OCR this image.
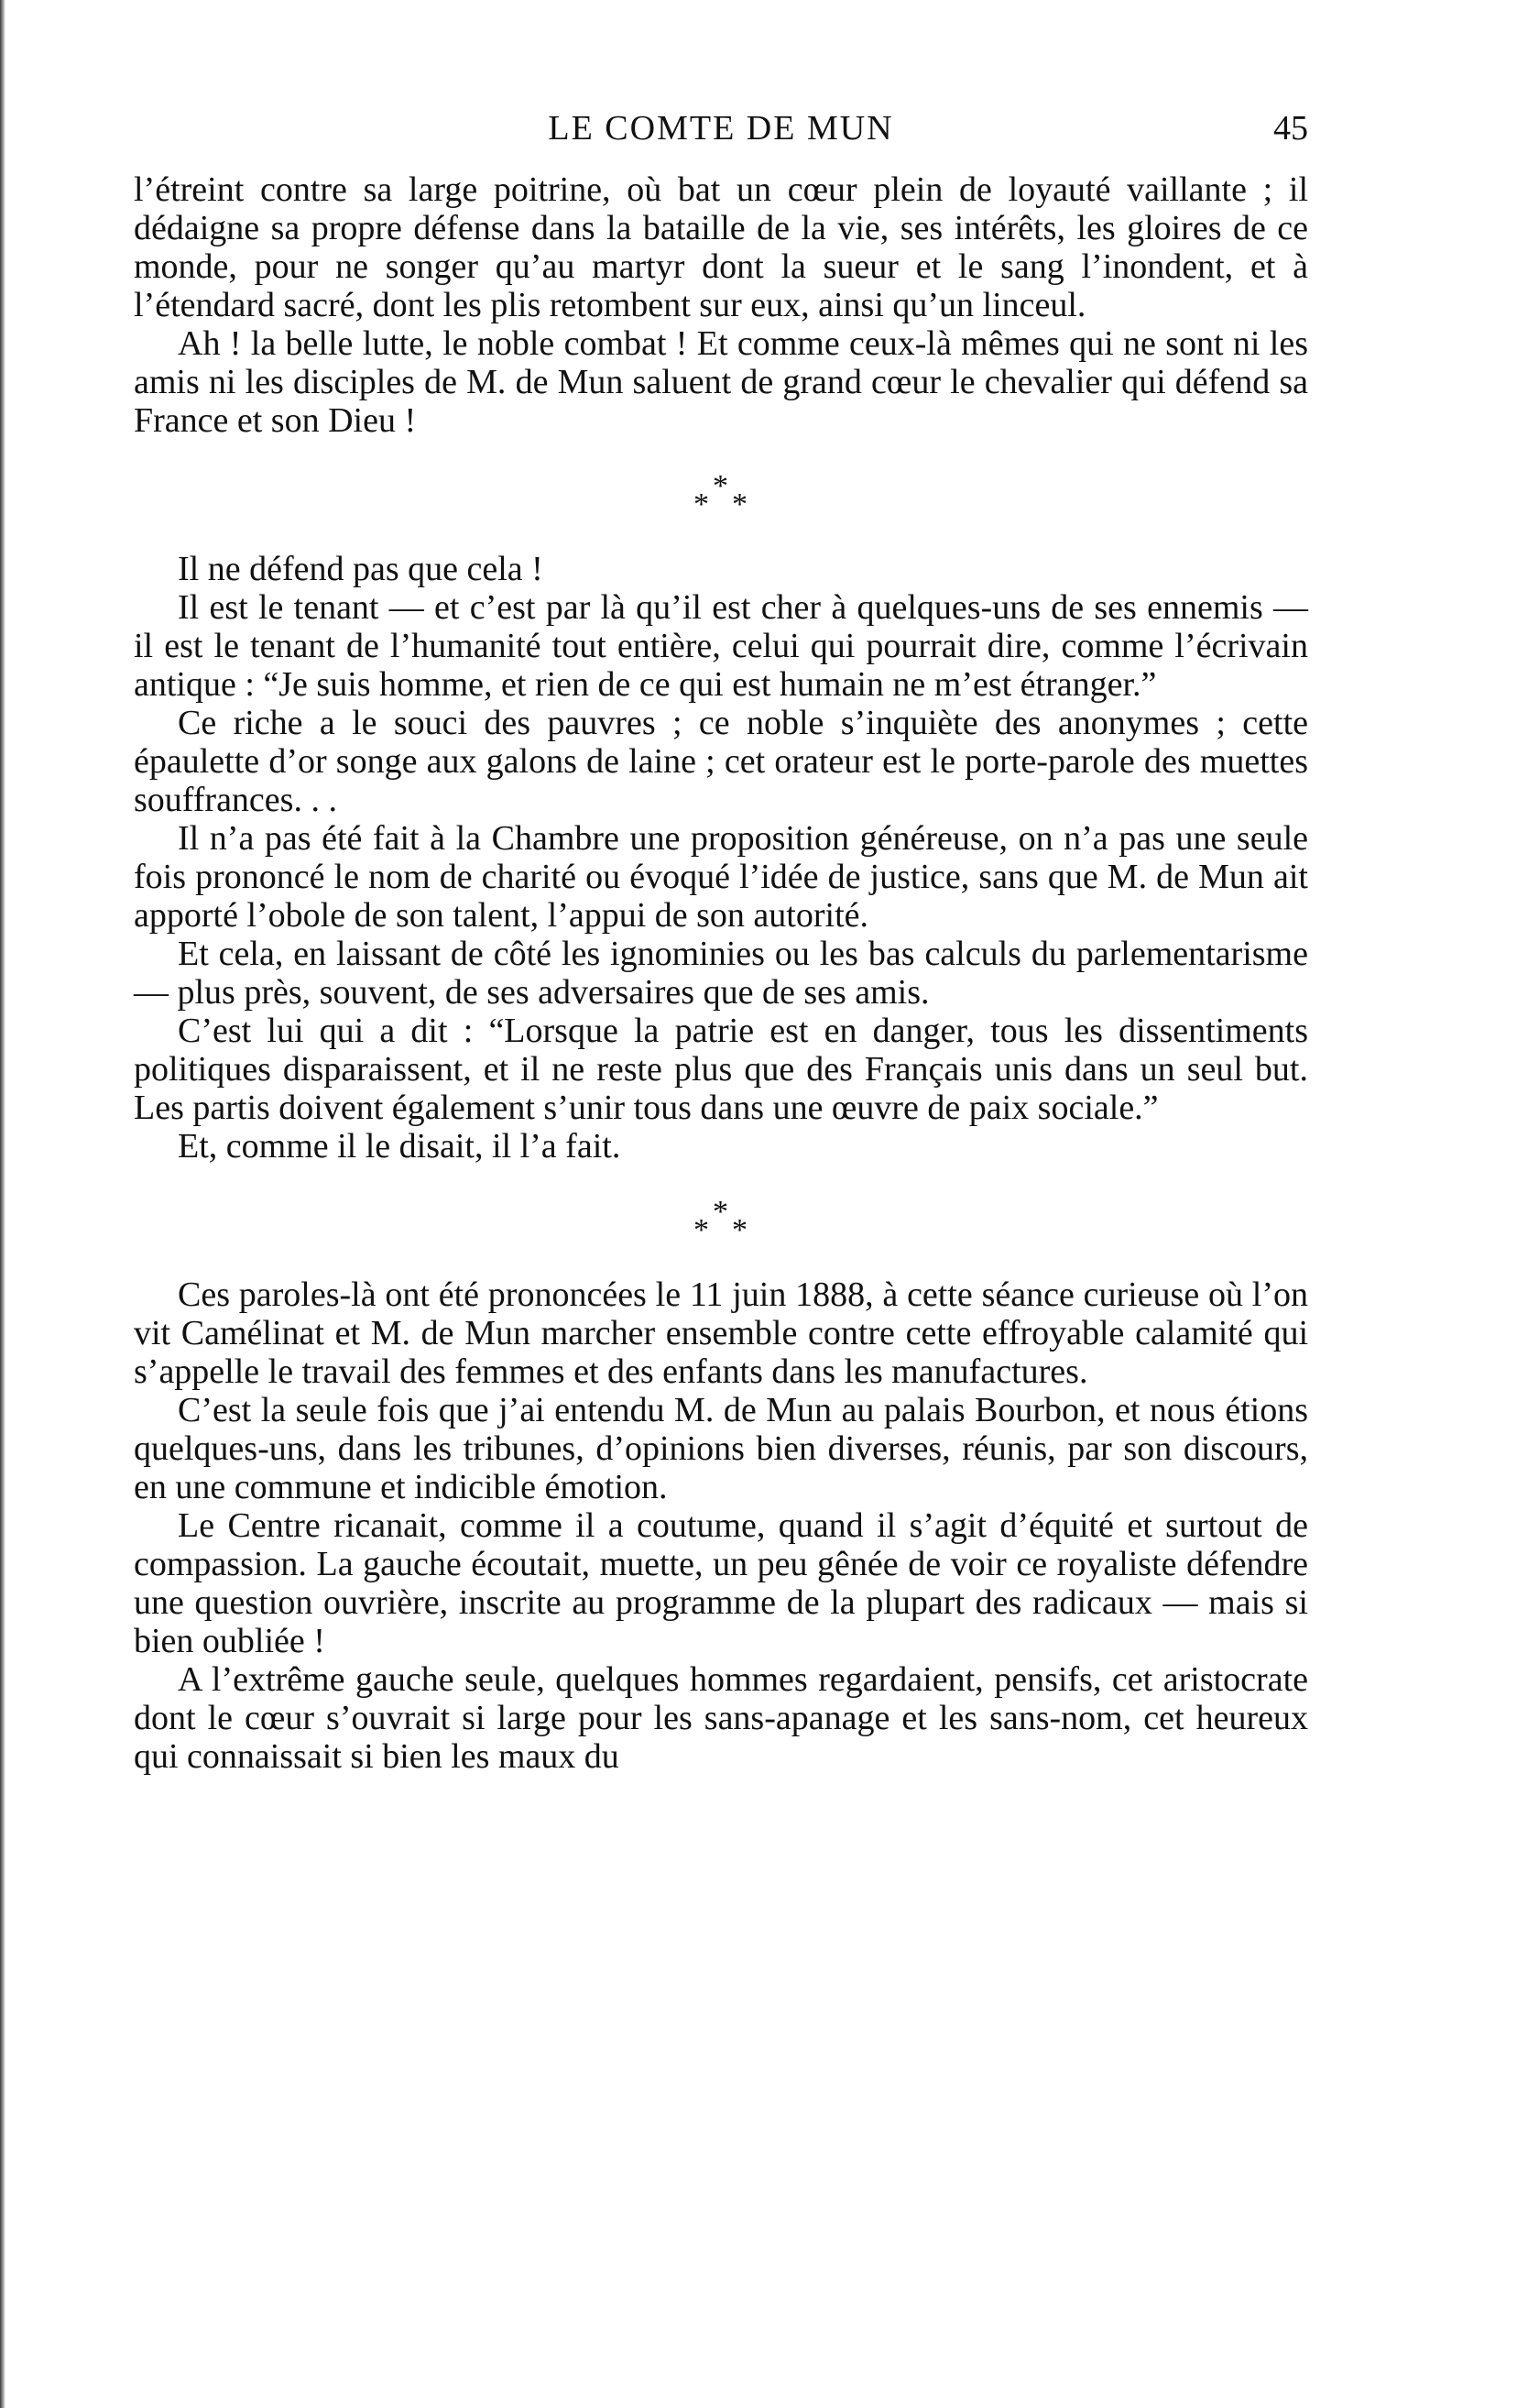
LE COMTE DE MUN	45

l’étreint contre sa large poitrine, où bat un cœur plein de loyauté vaillante ; il dédaigne sa propre défense dans la bataille de la vie, ses intérêts, les gloires de ce monde, pour ne songer qu’au martyr dont la sueur et le sang l’inondent, et à l’étendard sacré, dont les plis retombent sur eux, ainsi qu’un linceul.

Ah ! la belle lutte, le noble combat ! Et comme ceux-là mêmes qui ne sont ni les amis ni les disciples de M. de Mun saluent de grand cœur le chevalier qui défend sa France et son Dieu !

*
* *

Il ne défend pas que cela !

Il est le tenant — et c’est par là qu’il est cher à quelques-uns de ses ennemis — il est le tenant de l’humanité tout entière, celui qui pourrait dire, comme l’écrivain antique : “Je suis homme, et rien de ce qui est humain ne m’est étranger.”

Ce riche a le souci des pauvres ; ce noble s’inquiète des anonymes ; cette épaulette d’or songe aux galons de laine ; cet orateur est le porte-parole des muettes souffrances. . .

Il n’a pas été fait à la Chambre une proposition généreuse, on n’a pas une seule fois prononcé le nom de charité ou évoqué l’idée de justice, sans que M. de Mun ait apporté l’obole de son talent, l’appui de son autorité.

Et cela, en laissant de côté les ignominies ou les bas calculs du parlementarisme — plus près, souvent, de ses adversaires que de ses amis.

C’est lui qui a dit : “Lorsque la patrie est en danger, tous les dissentiments politiques disparaissent, et il ne reste plus que des Français unis dans un seul but. Les partis doivent également s’unir tous dans une œuvre de paix sociale.”

Et, comme il le disait, il l’a fait.

*
* *

Ces paroles-là ont été prononcées le 11 juin 1888, à cette séance curieuse où l’on vit Camélinat et M. de Mun marcher ensemble contre cette effroyable calamité qui s’appelle le travail des femmes et des enfants dans les manufactures.

C’est la seule fois que j’ai entendu M. de Mun au palais Bourbon, et nous étions quelques-uns, dans les tribunes, d’opinions bien diverses, réunis, par son discours, en une commune et indicible émotion.

Le Centre ricanait, comme il a coutume, quand il s’agit d’équité et surtout de compassion. La gauche écoutait, muette, un peu gênée de voir ce royaliste défendre une question ouvrière, inscrite au programme de la plupart des radicaux — mais si bien oubliée !

A l’extrême gauche seule, quelques hommes regardaient, pensifs, cet aristocrate dont le cœur s’ouvrait si large pour les sans-apanage et les sans-nom, cet heureux qui connaissait si bien les maux du
